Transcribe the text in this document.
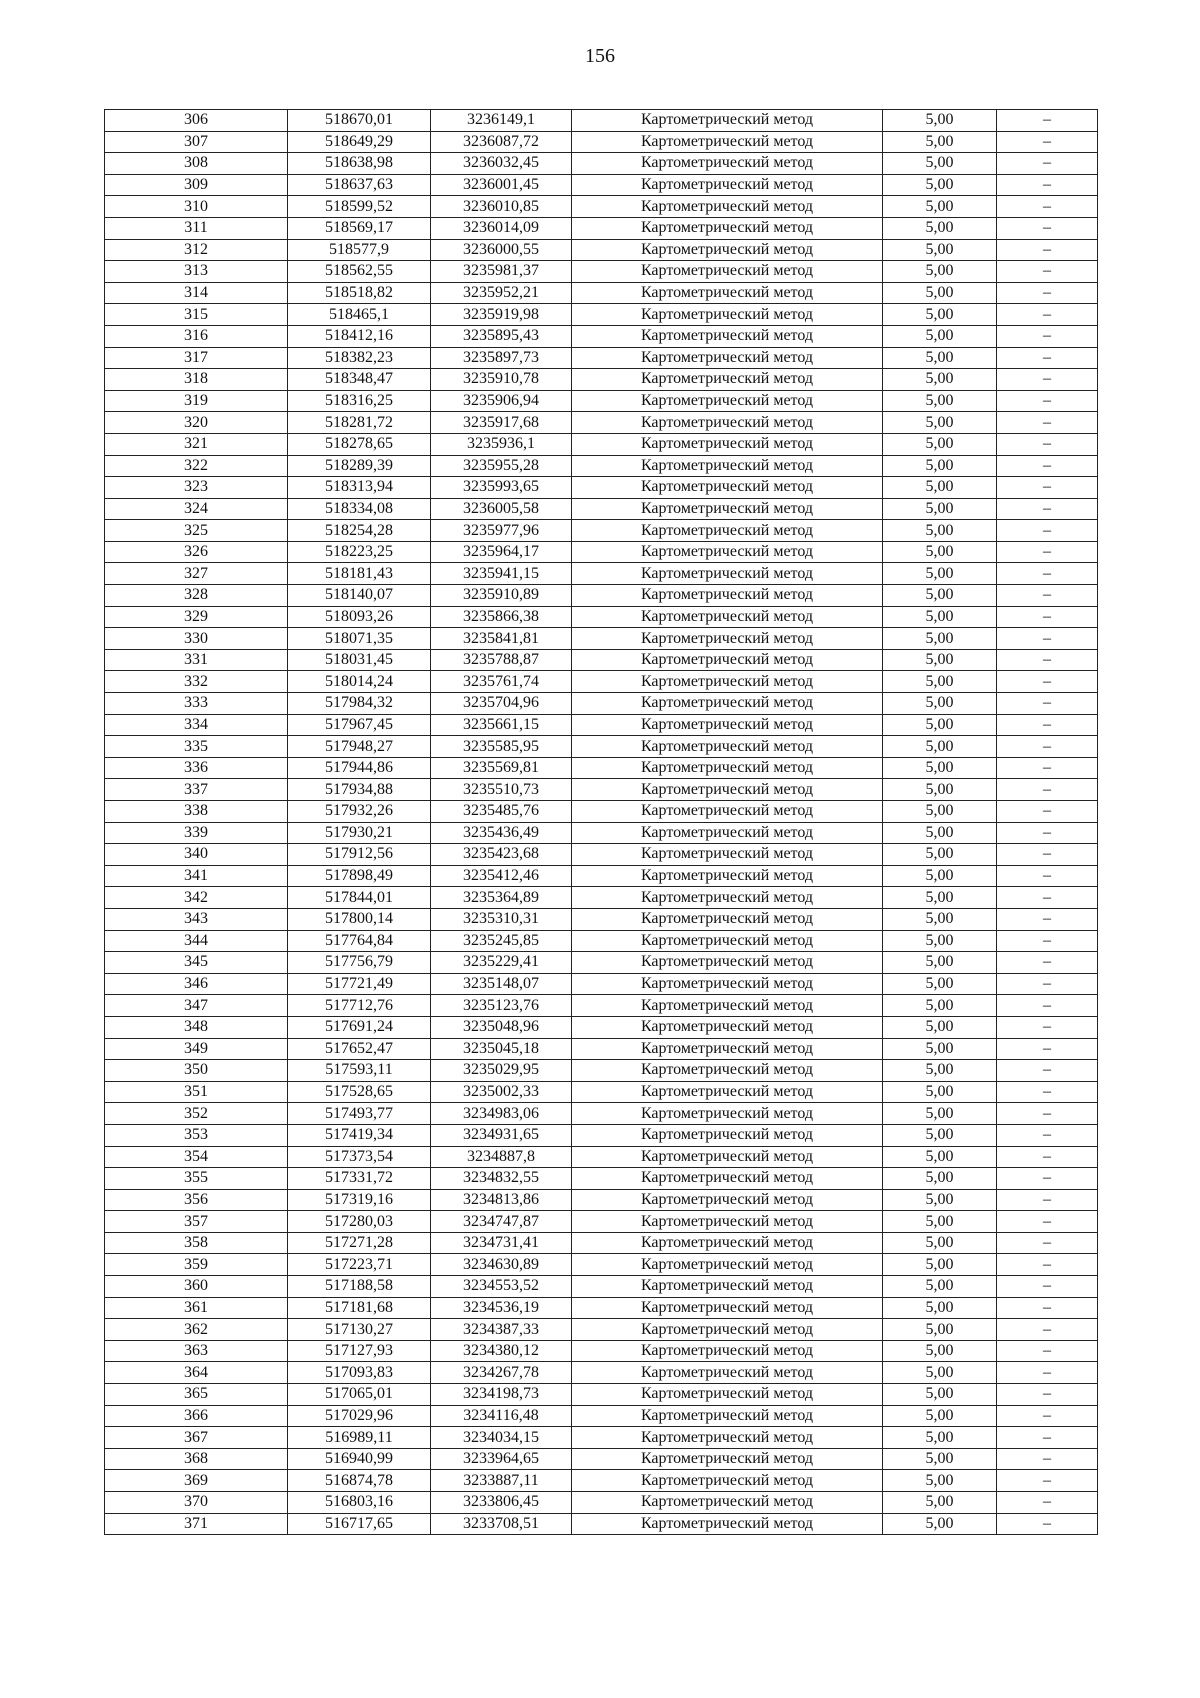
156
306	518670,01	3236149,1	Картометрический метод	5,00	–
307	518649,29	3236087,72	Картометрический метод	5,00	–
308	518638,98	3236032,45	Картометрический метод	5,00	–
309	518637,63	3236001,45	Картометрический метод	5,00	–
310	518599,52	3236010,85	Картометрический метод	5,00	–
311	518569,17	3236014,09	Картометрический метод	5,00	–
312	518577,9	3236000,55	Картометрический метод	5,00	–
313	518562,55	3235981,37	Картометрический метод	5,00	–
314	518518,82	3235952,21	Картометрический метод	5,00	–
315	518465,1	3235919,98	Картометрический метод	5,00	–
316	518412,16	3235895,43	Картометрический метод	5,00	–
317	518382,23	3235897,73	Картометрический метод	5,00	–
318	518348,47	3235910,78	Картометрический метод	5,00	–
319	518316,25	3235906,94	Картометрический метод	5,00	–
320	518281,72	3235917,68	Картометрический метод	5,00	–
321	518278,65	3235936,1	Картометрический метод	5,00	–
322	518289,39	3235955,28	Картометрический метод	5,00	–
323	518313,94	3235993,65	Картометрический метод	5,00	–
324	518334,08	3236005,58	Картометрический метод	5,00	–
325	518254,28	3235977,96	Картометрический метод	5,00	–
326	518223,25	3235964,17	Картометрический метод	5,00	–
327	518181,43	3235941,15	Картометрический метод	5,00	–
328	518140,07	3235910,89	Картометрический метод	5,00	–
329	518093,26	3235866,38	Картометрический метод	5,00	–
330	518071,35	3235841,81	Картометрический метод	5,00	–
331	518031,45	3235788,87	Картометрический метод	5,00	–
332	518014,24	3235761,74	Картометрический метод	5,00	–
333	517984,32	3235704,96	Картометрический метод	5,00	–
334	517967,45	3235661,15	Картометрический метод	5,00	–
335	517948,27	3235585,95	Картометрический метод	5,00	–
336	517944,86	3235569,81	Картометрический метод	5,00	–
337	517934,88	3235510,73	Картометрический метод	5,00	–
338	517932,26	3235485,76	Картометрический метод	5,00	–
339	517930,21	3235436,49	Картометрический метод	5,00	–
340	517912,56	3235423,68	Картометрический метод	5,00	–
341	517898,49	3235412,46	Картометрический метод	5,00	–
342	517844,01	3235364,89	Картометрический метод	5,00	–
343	517800,14	3235310,31	Картометрический метод	5,00	–
344	517764,84	3235245,85	Картометрический метод	5,00	–
345	517756,79	3235229,41	Картометрический метод	5,00	–
346	517721,49	3235148,07	Картометрический метод	5,00	–
347	517712,76	3235123,76	Картометрический метод	5,00	–
348	517691,24	3235048,96	Картометрический метод	5,00	–
349	517652,47	3235045,18	Картометрический метод	5,00	–
350	517593,11	3235029,95	Картометрический метод	5,00	–
351	517528,65	3235002,33	Картометрический метод	5,00	–
352	517493,77	3234983,06	Картометрический метод	5,00	–
353	517419,34	3234931,65	Картометрический метод	5,00	–
354	517373,54	3234887,8	Картометрический метод	5,00	–
355	517331,72	3234832,55	Картометрический метод	5,00	–
356	517319,16	3234813,86	Картометрический метод	5,00	–
357	517280,03	3234747,87	Картометрический метод	5,00	–
358	517271,28	3234731,41	Картометрический метод	5,00	–
359	517223,71	3234630,89	Картометрический метод	5,00	–
360	517188,58	3234553,52	Картометрический метод	5,00	–
361	517181,68	3234536,19	Картометрический метод	5,00	–
362	517130,27	3234387,33	Картометрический метод	5,00	–
363	517127,93	3234380,12	Картометрический метод	5,00	–
364	517093,83	3234267,78	Картометрический метод	5,00	–
365	517065,01	3234198,73	Картометрический метод	5,00	–
366	517029,96	3234116,48	Картометрический метод	5,00	–
367	516989,11	3234034,15	Картометрический метод	5,00	–
368	516940,99	3233964,65	Картометрический метод	5,00	–
369	516874,78	3233887,11	Картометрический метод	5,00	–
370	516803,16	3233806,45	Картометрический метод	5,00	–
371	516717,65	3233708,51	Картометрический метод	5,00	–
